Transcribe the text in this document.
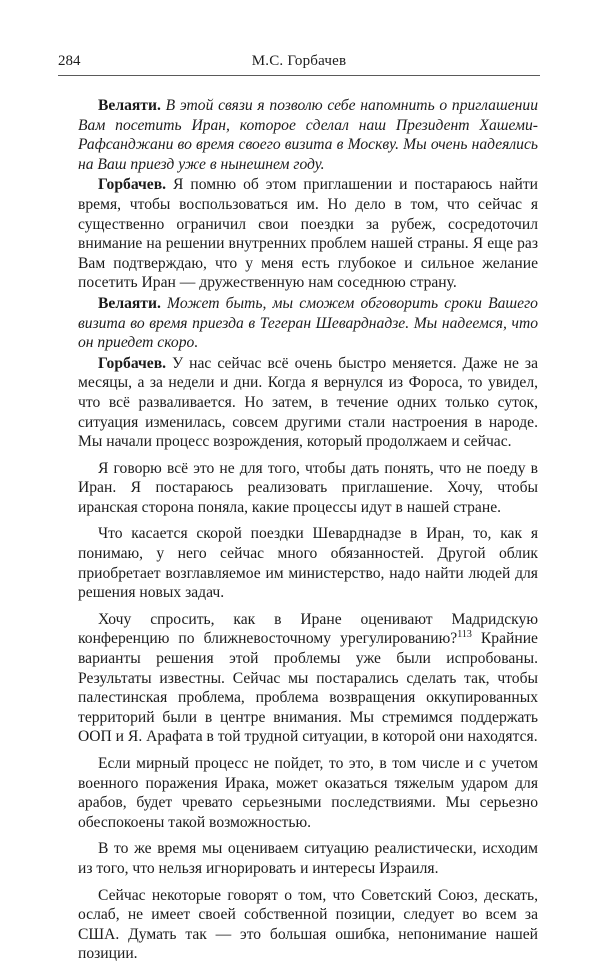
284	М.С. Горбачев

Велаяти. В этой связи я позволю себе напомнить о приглашении Вам посетить Иран, которое сделал наш Президент Хашеми-Рафсанджани во время своего визита в Москву. Мы очень надеялись на Ваш приезд уже в нынешнем году.

Горбачев. Я помню об этом приглашении и постараюсь найти время, чтобы воспользоваться им. Но дело в том, что сейчас я существенно ограничил свои поездки за рубеж, сосредоточил внимание на решении внутренних проблем нашей страны. Я еще раз Вам подтверждаю, что у меня есть глубокое и сильное желание посетить Иран — дружественную нам соседнюю страну.

Велаяти. Может быть, мы сможем обговорить сроки Вашего визита во время приезда в Тегеран Шеварднадзе. Мы надеемся, что он приедет скоро.

Горбачев. У нас сейчас всё очень быстро меняется. Даже не за месяцы, а за недели и дни. Когда я вернулся из Фороса, то увидел, что всё разваливается. Но затем, в течение одних только суток, ситуация изменилась, совсем другими стали настроения в народе. Мы начали процесс возрождения, который продолжаем и сейчас.

Я говорю всё это не для того, чтобы дать понять, что не поеду в Иран. Я постараюсь реализовать приглашение. Хочу, чтобы иранская сторона поняла, какие процессы идут в нашей стране.

Что касается скорой поездки Шеварднадзе в Иран, то, как я понимаю, у него сейчас много обязанностей. Другой облик приобретает возглавляемое им министерство, надо найти людей для решения новых задач.

Хочу спросить, как в Иране оценивают Мадридскую конференцию по ближневосточному урегулированию?$^{113}$ Крайние варианты решения этой проблемы уже были испробованы. Результаты известны. Сейчас мы постарались сделать так, чтобы палестинская проблема, проблема возвращения оккупированных территорий были в центре внимания. Мы стремимся поддержать ООП и Я. Арафата в той трудной ситуации, в которой они находятся.

Если мирный процесс не пойдет, то это, в том числе и с учетом военного поражения Ирака, может оказаться тяжелым ударом для арабов, будет чревато серьезными последствиями. Мы серьезно обеспокоены такой возможностью.

В то же время мы оцениваем ситуацию реалистически, исходим из того, что нельзя игнорировать и интересы Израиля.

Сейчас некоторые говорят о том, что Советский Союз, дескать, ослаб, не имеет своей собственной позиции, следует во всем за США. Думать так — это большая ошибка, непонимание нашей позиции.
